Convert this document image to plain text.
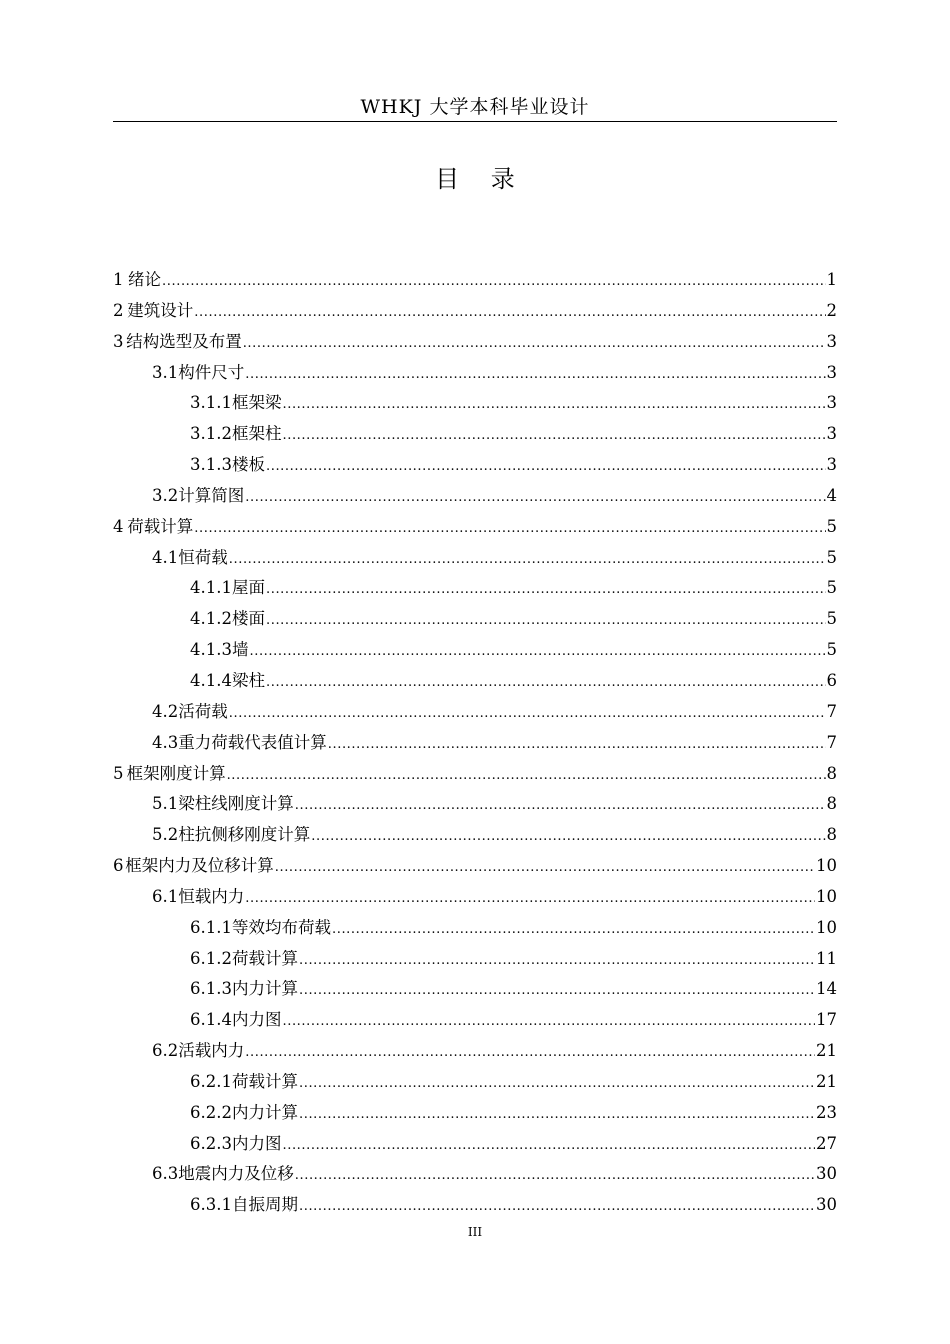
WHKJ 大学本科毕业设计
目 录
1 绪论 .....	1
2 建筑设计 .....	2
3 结构选型及布置 .....	3
3.1 构件尺寸 .....	3
3.1.1 框架梁 .....	3
3.1.2 框架柱 .....	3
3.1.3 楼板 .....	3
3.2 计算简图 .....	4
4 荷载计算 .....	5
4.1 恒荷载 .....	5
4.1.1 屋面 .....	5
4.1.2 楼面 .....	5
4.1.3 墙 .....	5
4.1.4 梁柱 .....	6
4.2 活荷载 .....	7
4.3 重力荷载代表值计算 .....	7
5 框架刚度计算 .....	8
5.1 梁柱线刚度计算 .....	8
5.2 柱抗侧移刚度计算 .....	8
6 框架内力及位移计算 .....	10
6.1 恒载内力 .....	10
6.1.1 等效均布荷载 .....	10
6.1.2 荷载计算 .....	11
6.1.3 内力计算 .....	14
6.1.4 内力图 .....	17
6.2 活载内力 .....	21
6.2.1 荷载计算 .....	21
6.2.2 内力计算 .....	23
6.2.3 内力图 .....	27
6.3 地震内力及位移 .....	30
6.3.1 自振周期 .....	30
III
